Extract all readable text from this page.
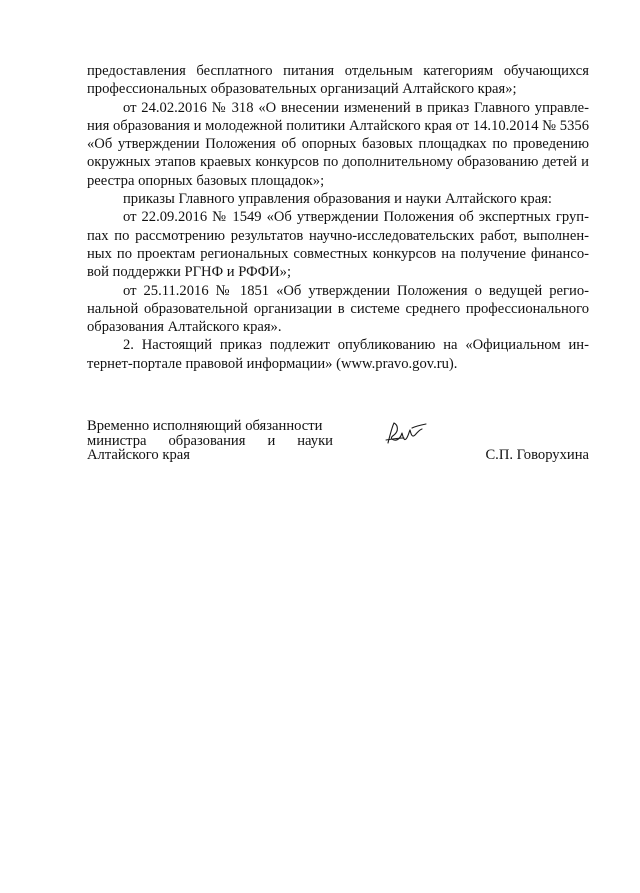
предоставления бесплатного питания отдельным категориям обучающихся профессиональных образовательных организаций Алтайского края»;

от 24.02.2016 № 318 «О внесении изменений в приказ Главного управления образования и молодежной политики Алтайского края от 14.10.2014 № 5356 «Об утверждении Положения об опорных базовых площадках по проведению окружных этапов краевых конкурсов по дополнительному образованию детей и реестра опорных базовых площадок»;

приказы Главного управления образования и науки Алтайского края:

от 22.09.2016 № 1549 «Об утверждении Положения об экспертных группах по рассмотрению результатов научно-исследовательских работ, выполненных по проектам региональных совместных конкурсов на получение финансовой поддержки РГНФ и РФФИ»;

от 25.11.2016 № 1851 «Об утверждении Положения о ведущей региональной образовательной организации в системе среднего профессионального образования Алтайского края».

2. Настоящий приказ подлежит опубликованию на «Официальном интернет-портале правовой информации» (www.pravo.gov.ru).

Временно исполняющий обязанности
министра образования и науки
Алтайского края	С.П. Говорухина
